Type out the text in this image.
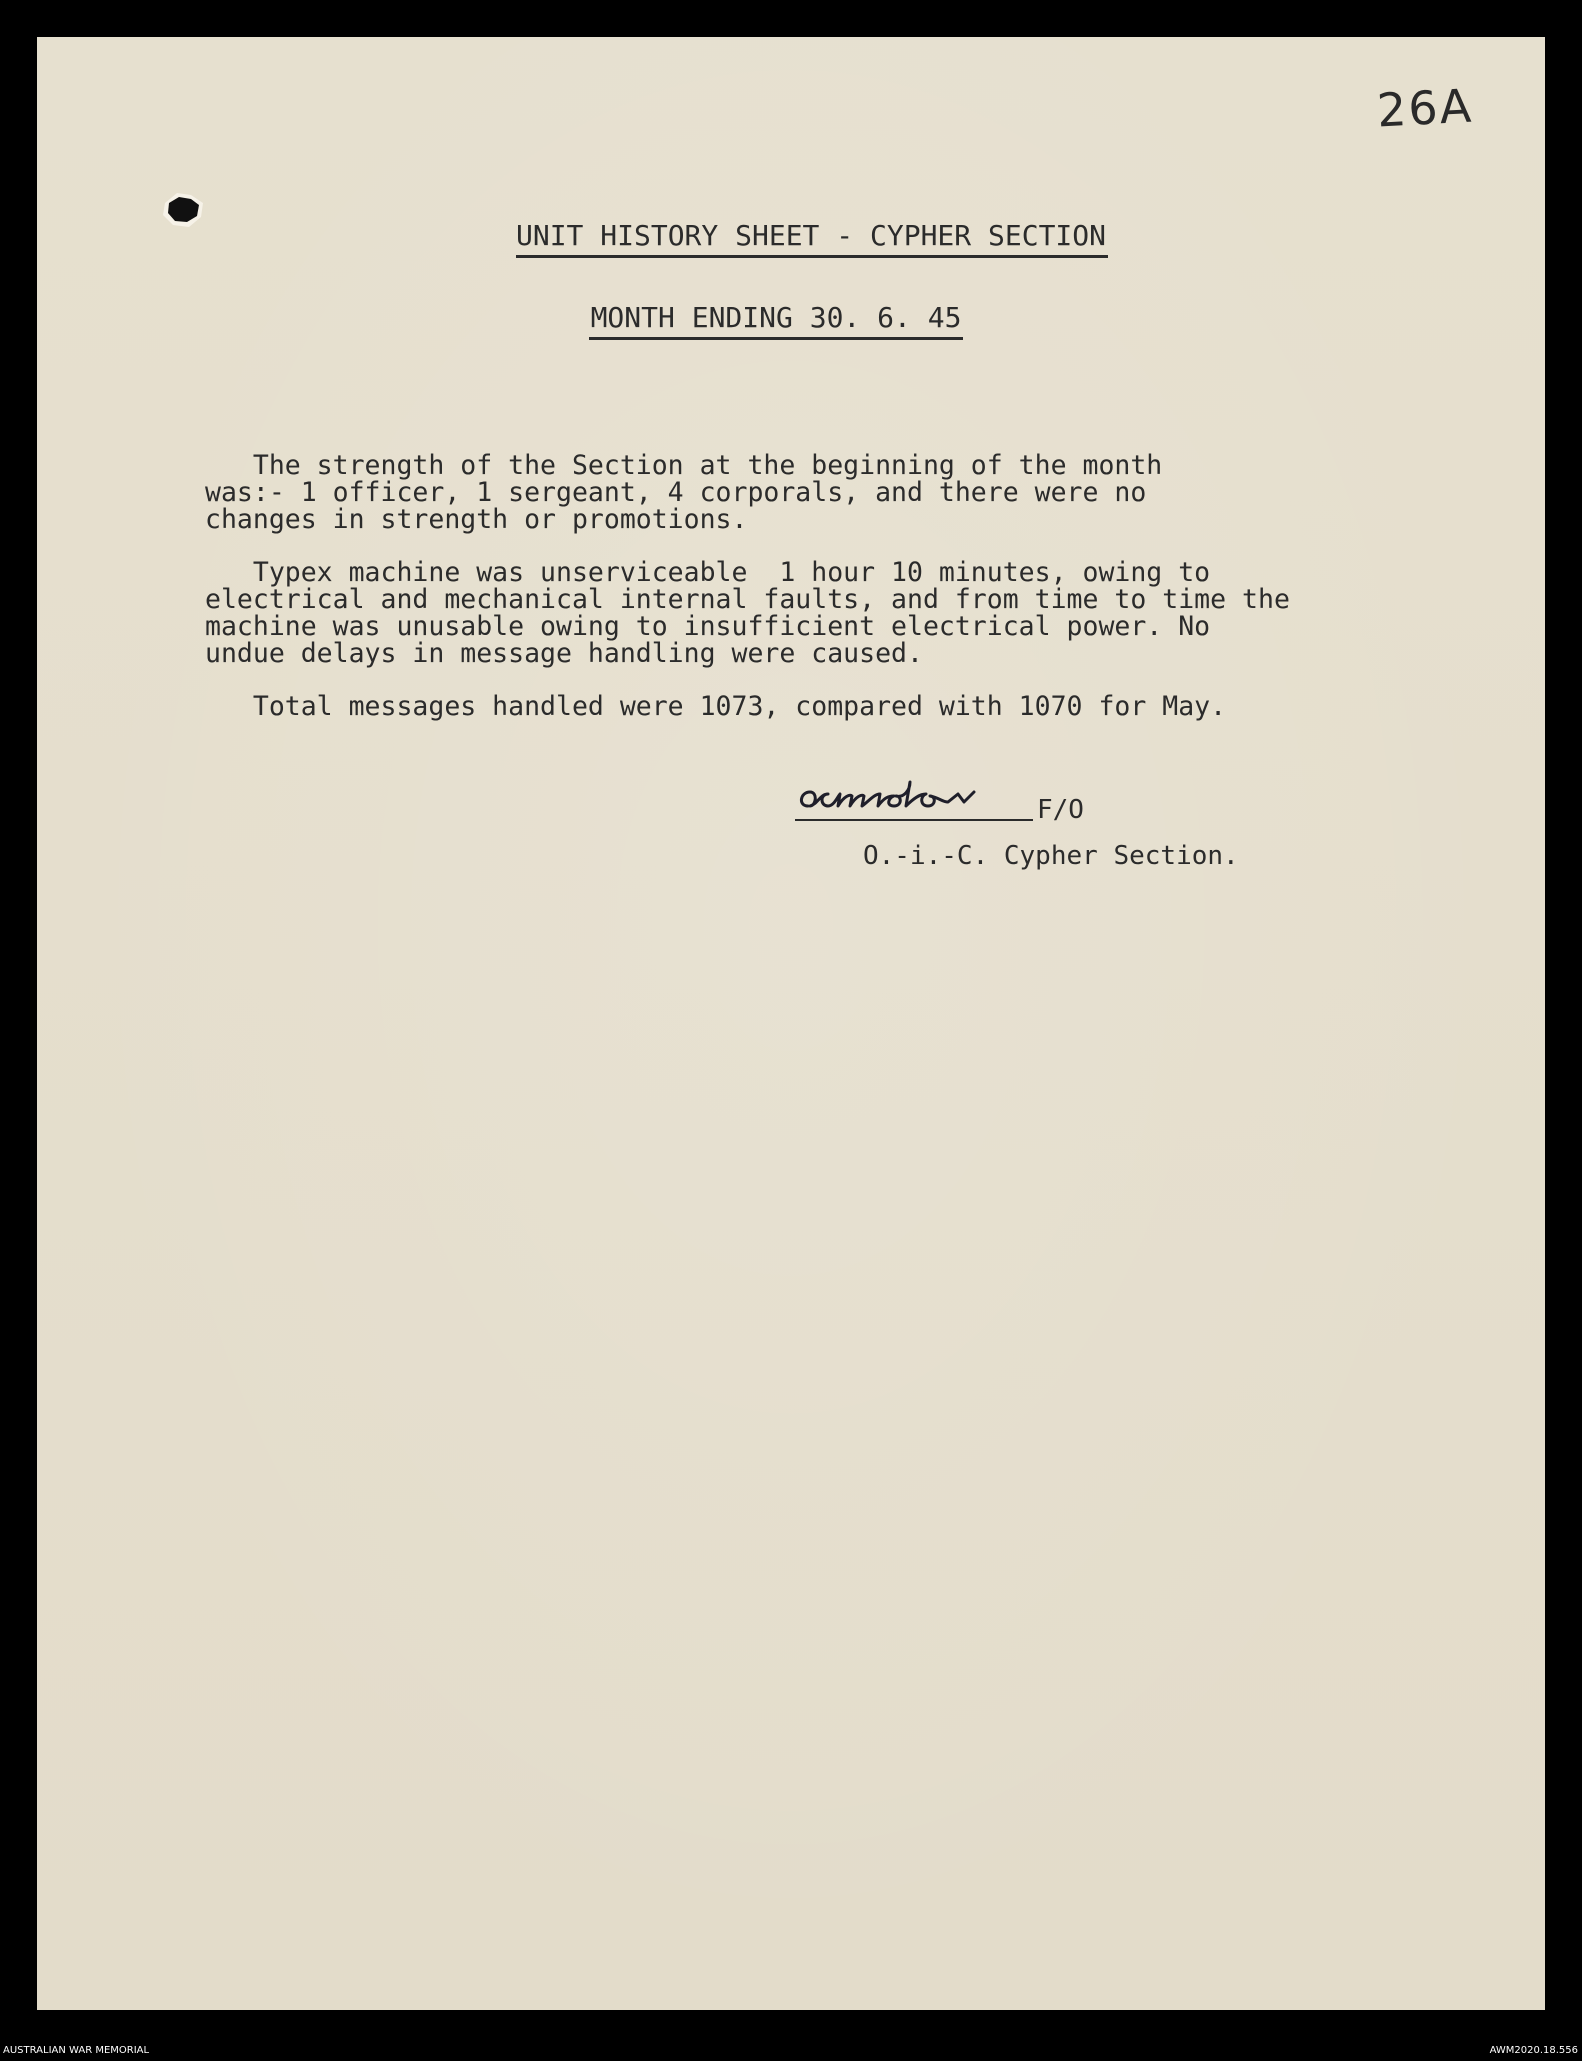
26A
UNIT HISTORY SHEET - CYPHER SECTION
MONTH ENDING 30. 6. 45

The strength of the Section at the beginning of the month
was:- 1 officer, 1 sergeant, 4 corporals, and there were no
changes in strength or promotions.

Typex machine was unserviceable  1 hour 10 minutes, owing to
electrical and mechanical internal faults, and from time to time the
machine was unusable owing to insufficient electrical power. No
undue delays in message handling were caused.

Total messages handled were 1073, compared with 1070 for May.

F/O
O.-i.-C. Cypher Section.
AUSTRALIAN WAR MEMORIAL	AWM2020.18.556
